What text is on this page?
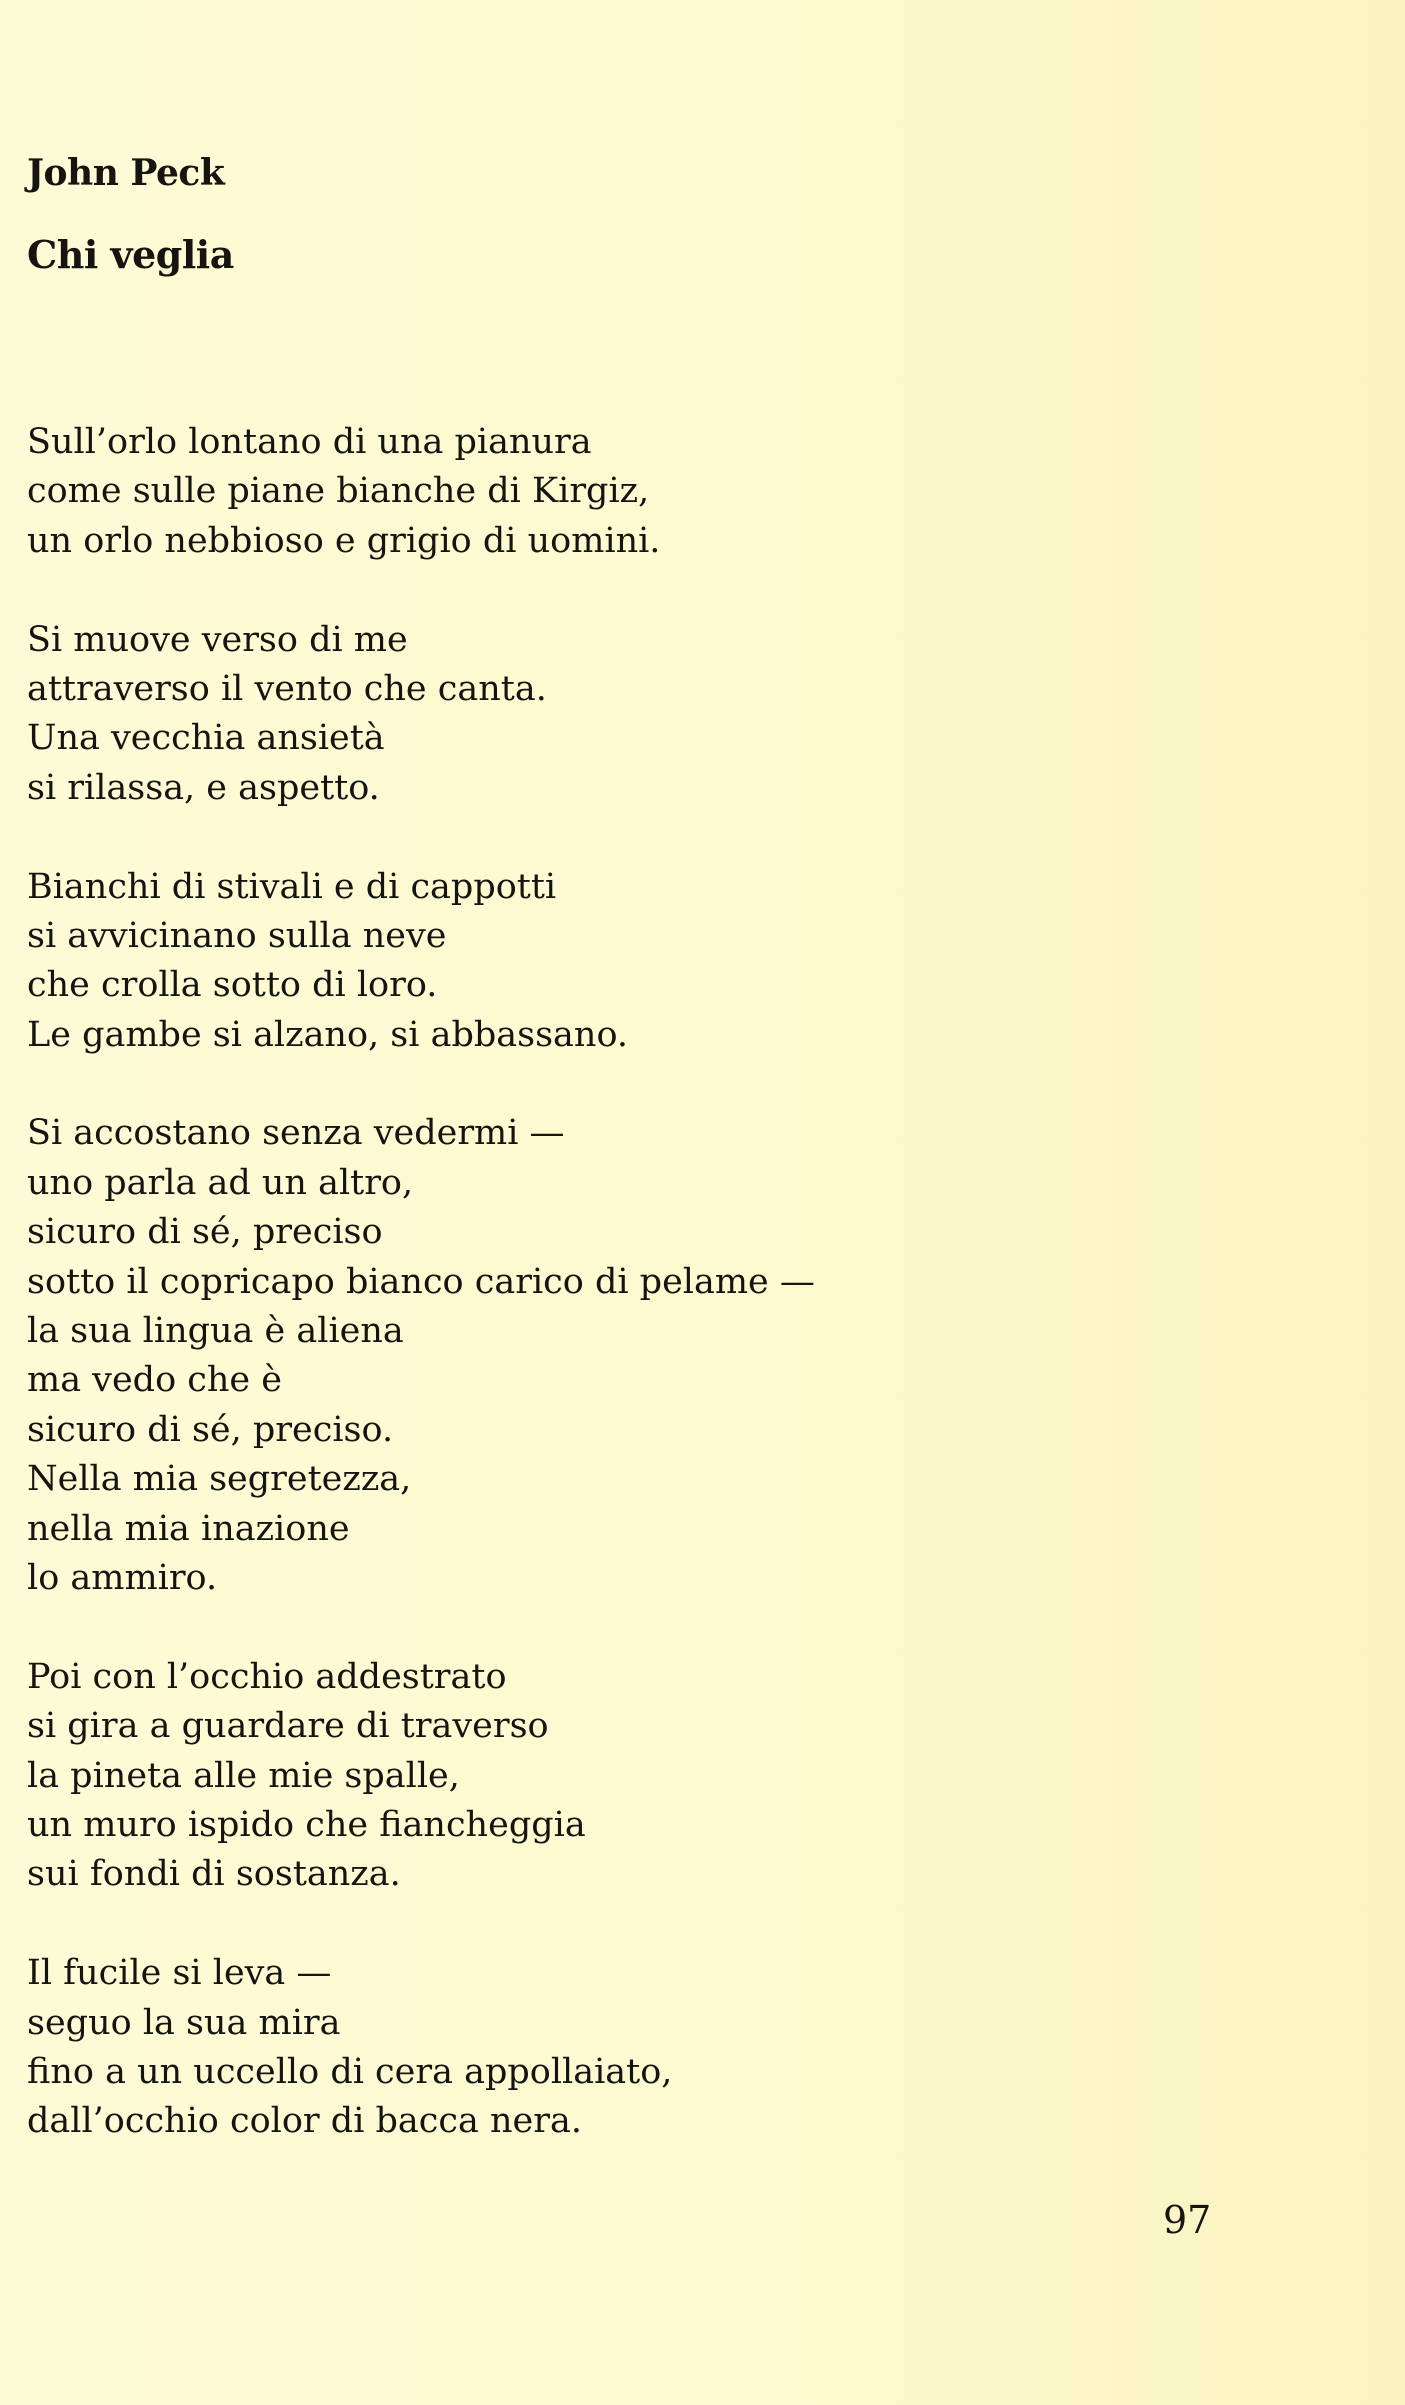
John Peck
Chi veglia
Sull’orlo lontano di una pianura
come sulle piane bianche di Kirgiz,
un orlo nebbioso e grigio di uomini.
Si muove verso di me
attraverso il vento che canta.
Una vecchia ansietà
si rilassa, e aspetto.
Bianchi di stivali e di cappotti
si avvicinano sulla neve
che crolla sotto di loro.
Le gambe si alzano, si abbassano.
Si accostano senza vedermi —
uno parla ad un altro,
sicuro di sé, preciso
sotto il copricapo bianco carico di pelame —
la sua lingua è aliena
ma vedo che è
sicuro di sé, preciso.
Nella mia segretezza,
nella mia inazione
lo ammiro.
Poi con l’occhio addestrato
si gira a guardare di traverso
la pineta alle mie spalle,
un muro ispido che fiancheggia
sui fondi di sostanza.
Il fucile si leva —
seguo la sua mira
fino a un uccello di cera appollaiato,
dall’occhio color di bacca nera.
97
